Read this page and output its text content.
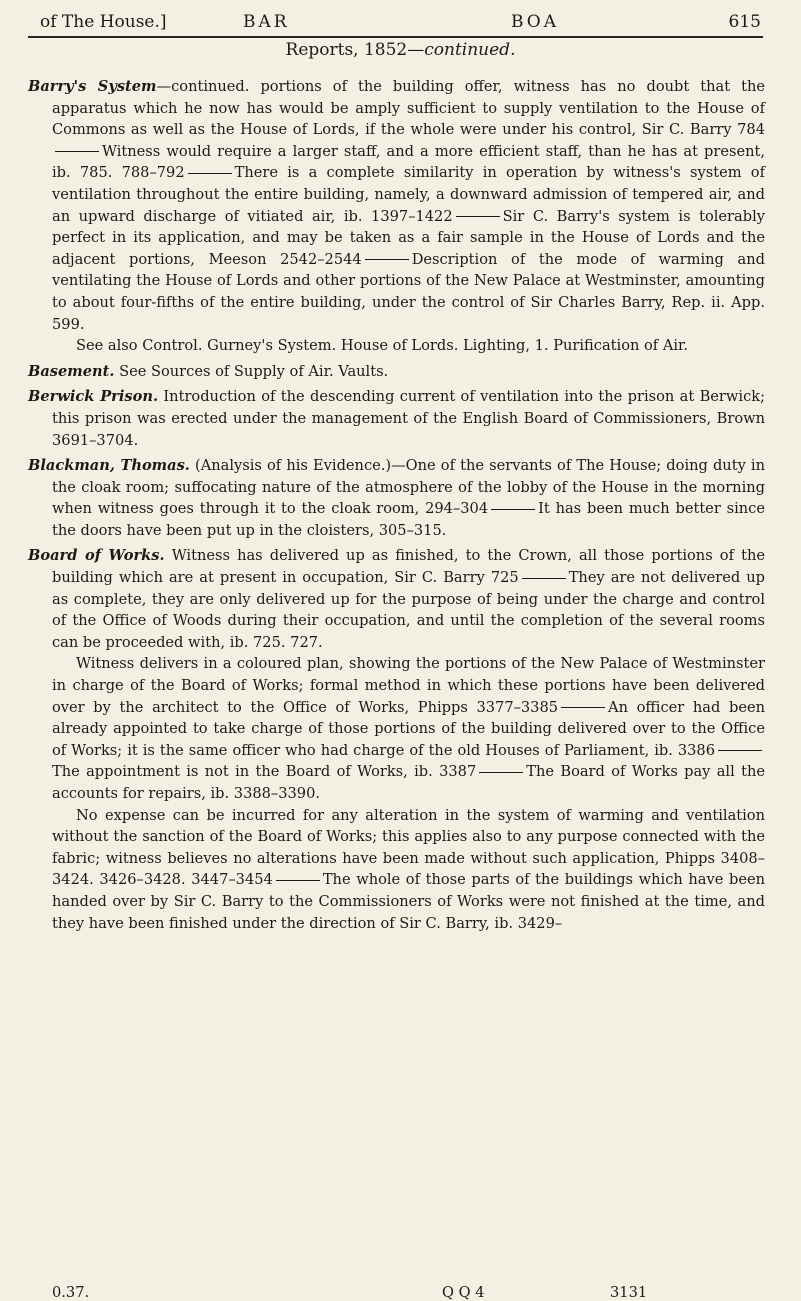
of The House.]	BAR	BOA	615
Reports, 1852—continued.

Barry's System—continued. portions of the building offer, witness has no doubt that the apparatus which he now has would be amply sufficient to supply ventilation to the House of Commons as well as the House of Lords, if the whole were under his control, Sir C. Barry 784Witness would require a larger staff, and a more efficient staff, than he has at present, ib. 785. 788–792	There is a complete similarity in operation by witness's system of ventilation throughout the entire building, namely, a downward admission of tempered air, and an upward discharge of vitiated air, ib. 1397–1422	Sir C. Barry's system is tolerably perfect in its application, and may be taken as a fair sample in the House of Lords and the adjacent portions, Meeson 2542–2544	Description of the mode of warming and ventilating the House of Lords and other portions of the New Palace at Westminster, amounting to about four-fifths of the entire building, under the control of Sir Charles Barry, Rep. ii. App. 599.

See also Control. Gurney's System. House of Lords. Lighting, 1. Purification of Air.

Basement. See Sources of Supply of Air. Vaults.
Berwick Prison. Introduction of the descending current of ventilation into the prison at Berwick; this prison was erected under the management of the English Board of Commissioners, Brown 3691–3704.
Blackman, Thomas. (Analysis of his Evidence.)—One of the servants of The House; doing duty in the cloak room; suffocating nature of the atmosphere of the lobby of the House in the morning when witness goes through it to the cloak room, 294–304	It has been much better since the doors have been put up in the cloisters, 305–315.

Board of Works. Witness has delivered up as finished, to the Crown, all those portions of the building which are at present in occupation, Sir C. Barry 725	They are not delivered up as complete, they are only delivered up for the purpose of being under the charge and control of the Office of Woods during their occupation, and until the completion of the several rooms can be proceeded with, ib. 725. 727.

Witness delivers in a coloured plan, showing the portions of the New Palace of Westminster in charge of the Board of Works; formal method in which these portions have been delivered over by the architect to the Office of Works, Phipps 3377–3385	An officer had been already appointed to take charge of those portions of the building delivered over to the Office of Works; it is the same officer who had charge of the old Houses of Parliament, ib. 3386The appointment is not in the Board of Works, ib. 3387	The Board of Works pay all the accounts for repairs, ib. 3388–3390.

No expense can be incurred for any alteration in the system of warming and ventilation without the sanction of the Board of Works; this applies also to any purpose connected with the fabric; witness believes no alterations have been made without such application, Phipps 3408–3424. 3426–3428. 3447–3454	The whole of those parts of the buildings which have been handed over by Sir C. Barry to the Commissioners of Works were not finished at the time, and they have been finished under the direction of Sir C. Barry, ib. 3429–

0.37.	Q Q 4	3131
